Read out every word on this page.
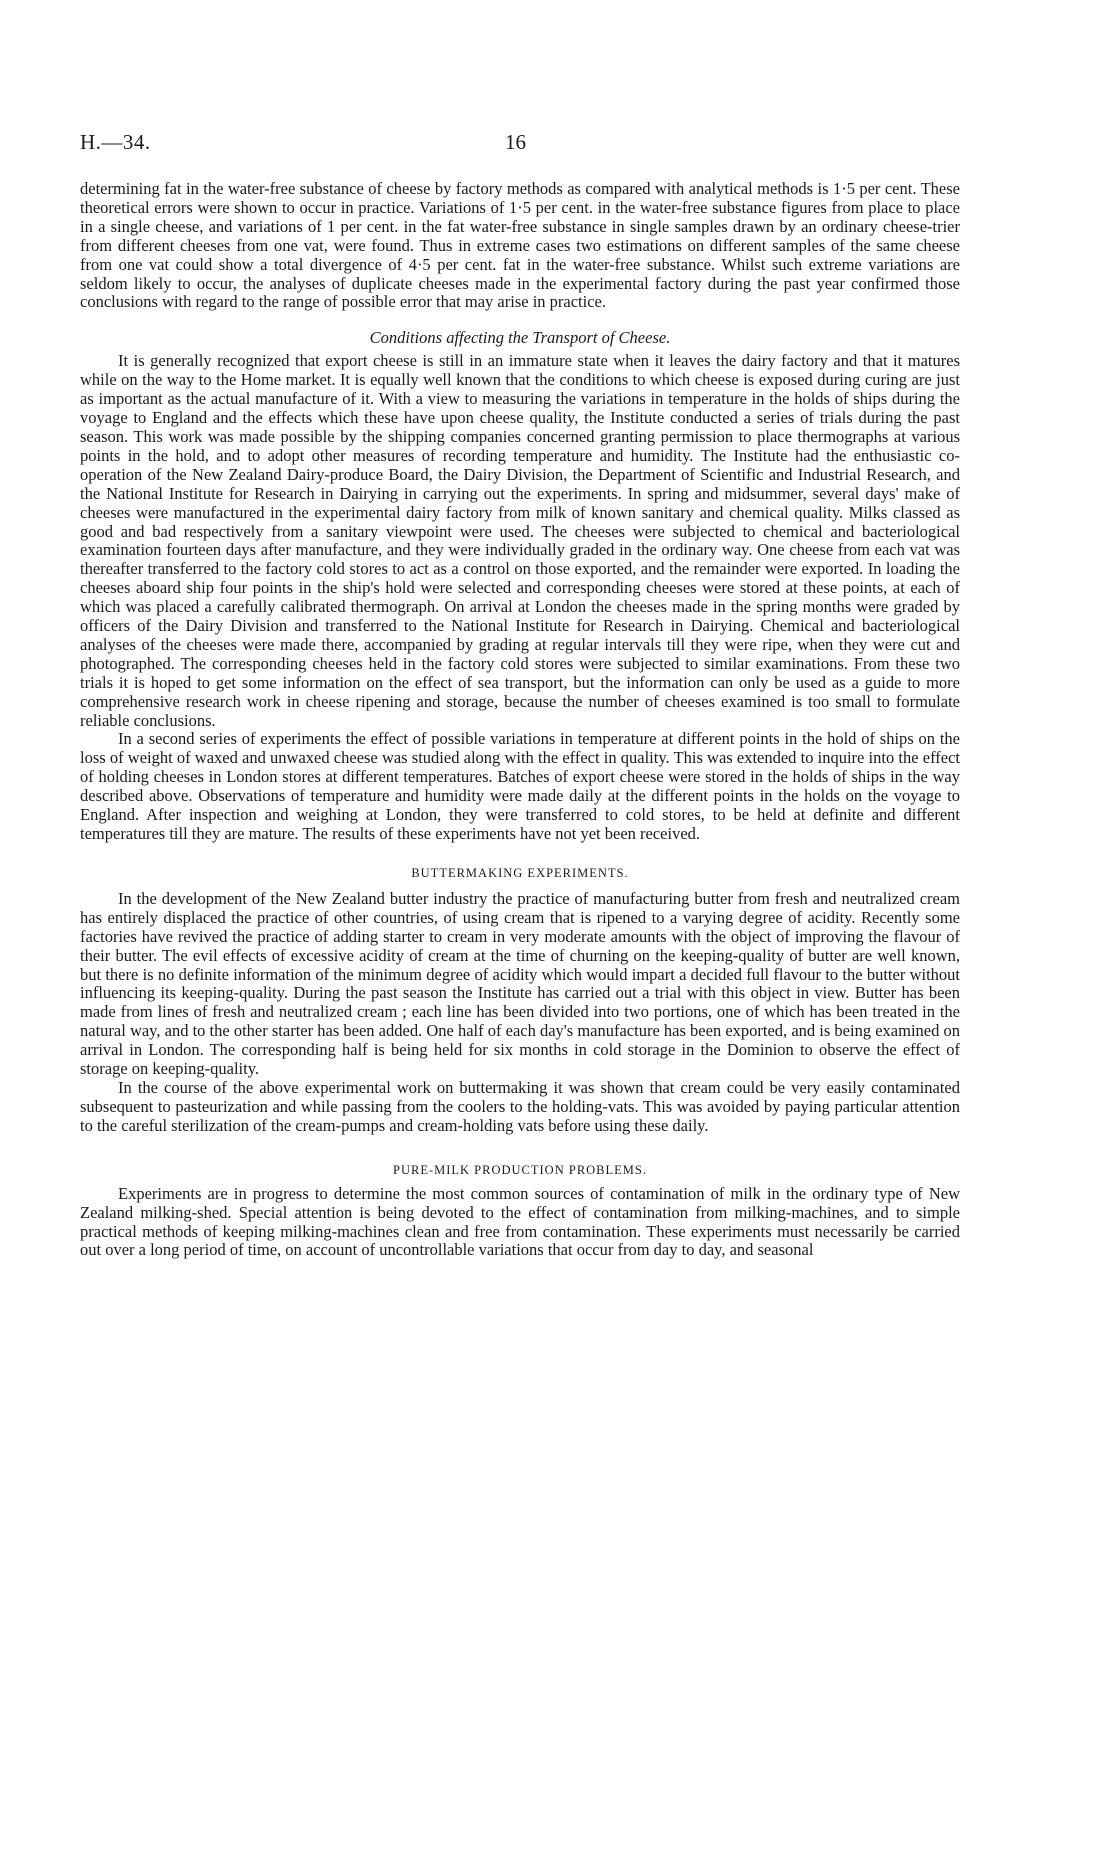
H.—34.	16

determining fat in the water-free substance of cheese by factory methods as compared with analytical methods is 1·5 per cent. These theoretical errors were shown to occur in practice. Variations of 1·5 per cent. in the water-free substance figures from place to place in a single cheese, and variations of 1 per cent. in the fat water-free substance in single samples drawn by an ordinary cheese-trier from different cheeses from one vat, were found. Thus in extreme cases two estimations on different samples of the same cheese from one vat could show a total divergence of 4·5 per cent. fat in the water-free substance. Whilst such extreme variations are seldom likely to occur, the analyses of duplicate cheeses made in the experimental factory during the past year confirmed those conclusions with regard to the range of possible error that may arise in practice.

Conditions affecting the Transport of Cheese.

It is generally recognized that export cheese is still in an immature state when it leaves the dairy factory and that it matures while on the way to the Home market. It is equally well known that the conditions to which cheese is exposed during curing are just as important as the actual manufacture of it. With a view to measuring the variations in temperature in the holds of ships during the voyage to England and the effects which these have upon cheese quality, the Institute conducted a series of trials during the past season. This work was made possible by the shipping companies concerned granting permission to place thermographs at various points in the hold, and to adopt other measures of recording temperature and humidity. The Institute had the enthusiastic co-operation of the New Zealand Dairy-produce Board, the Dairy Division, the Department of Scientific and Industrial Research, and the National Institute for Research in Dairying in carrying out the experiments. In spring and midsummer, several days' make of cheeses were manufactured in the experimental dairy factory from milk of known sanitary and chemical quality. Milks classed as good and bad respectively from a sanitary viewpoint were used. The cheeses were subjected to chemical and bacteriological examination fourteen days after manufacture, and they were individually graded in the ordinary way. One cheese from each vat was thereafter transferred to the factory cold stores to act as a control on those exported, and the remainder were exported. In loading the cheeses aboard ship four points in the ship's hold were selected and corresponding cheeses were stored at these points, at each of which was placed a carefully calibrated thermograph. On arrival at London the cheeses made in the spring months were graded by officers of the Dairy Division and transferred to the National Institute for Research in Dairying. Chemical and bacteriological analyses of the cheeses were made there, accompanied by grading at regular intervals till they were ripe, when they were cut and photographed. The corresponding cheeses held in the factory cold stores were subjected to similar examinations. From these two trials it is hoped to get some information on the effect of sea transport, but the information can only be used as a guide to more comprehensive research work in cheese ripening and storage, because the number of cheeses examined is too small to formulate reliable conclusions.

In a second series of experiments the effect of possible variations in temperature at different points in the hold of ships on the loss of weight of waxed and unwaxed cheese was studied along with the effect in quality. This was extended to inquire into the effect of holding cheeses in London stores at different temperatures. Batches of export cheese were stored in the holds of ships in the way described above. Observations of temperature and humidity were made daily at the different points in the holds on the voyage to England. After inspection and weighing at London, they were transferred to cold stores, to be held at definite and different temperatures till they are mature. The results of these experiments have not yet been received.

BUTTERMAKING EXPERIMENTS.

In the development of the New Zealand butter industry the practice of manufacturing butter from fresh and neutralized cream has entirely displaced the practice of other countries, of using cream that is ripened to a varying degree of acidity. Recently some factories have revived the practice of adding starter to cream in very moderate amounts with the object of improving the flavour of their butter. The evil effects of excessive acidity of cream at the time of churning on the keeping-quality of butter are well known, but there is no definite information of the minimum degree of acidity which would impart a decided full flavour to the butter without influencing its keeping-quality. During the past season the Institute has carried out a trial with this object in view. Butter has been made from lines of fresh and neutralized cream ; each line has been divided into two portions, one of which has been treated in the natural way, and to the other starter has been added. One half of each day's manufacture has been exported, and is being examined on arrival in London. The corresponding half is being held for six months in cold storage in the Dominion to observe the effect of storage on keeping-quality.

In the course of the above experimental work on buttermaking it was shown that cream could be very easily contaminated subsequent to pasteurization and while passing from the coolers to the holding-vats. This was avoided by paying particular attention to the careful sterilization of the cream-pumps and cream-holding vats before using these daily.

PURE-MILK PRODUCTION PROBLEMS.

Experiments are in progress to determine the most common sources of contamination of milk in the ordinary type of New Zealand milking-shed. Special attention is being devoted to the effect of contamination from milking-machines, and to simple practical methods of keeping milking-machines clean and free from contamination. These experiments must necessarily be carried out over a long period of time, on account of uncontrollable variations that occur from day to day, and seasonal
